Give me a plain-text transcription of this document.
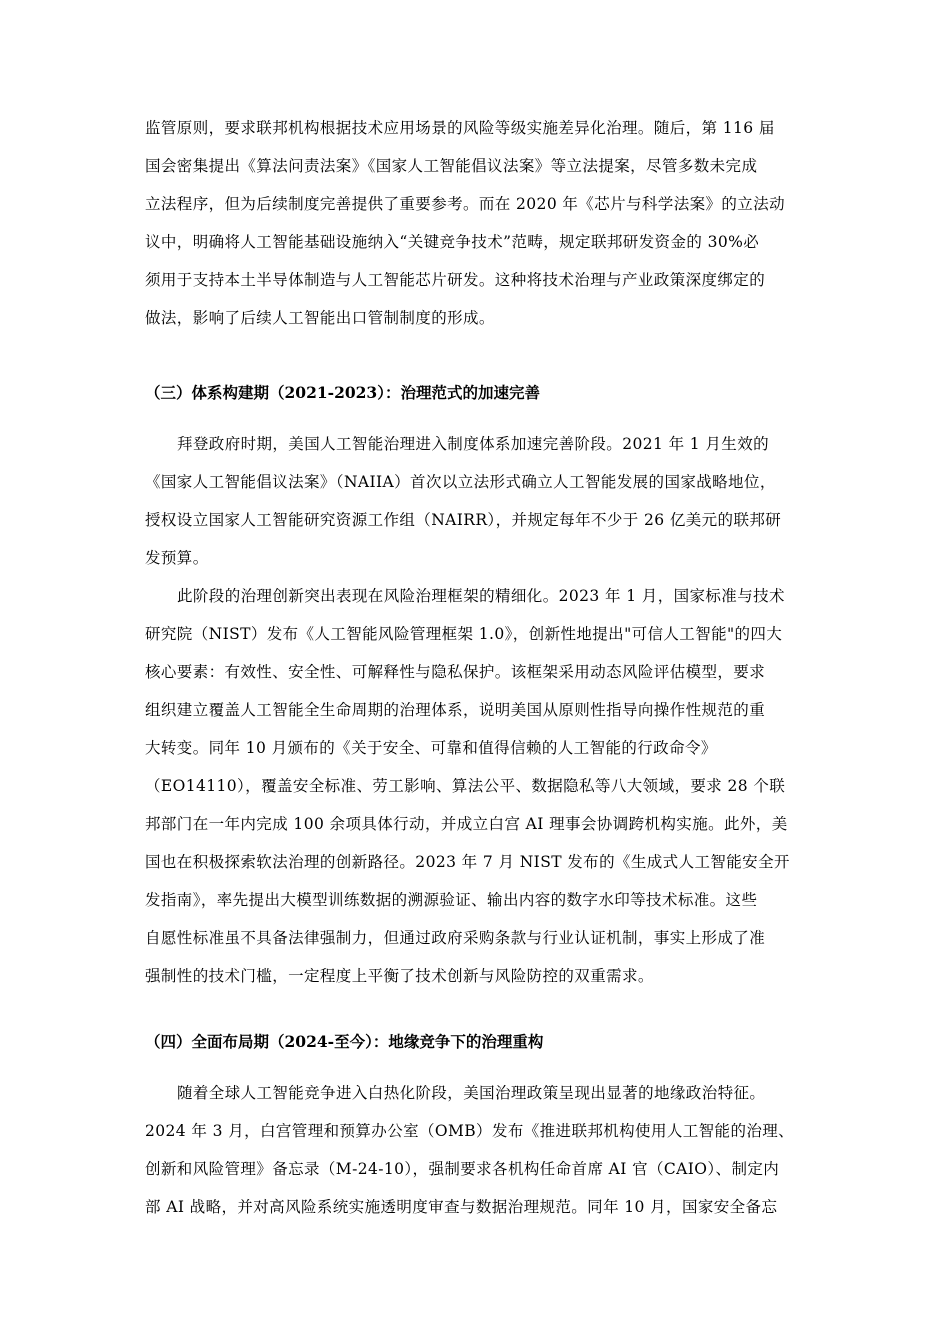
监管原则，要求联邦机构根据技术应用场景的风险等级实施差异化治理。随后，第 116 届
国会密集提出《算法问责法案》《国家人工智能倡议法案》等立法提案，尽管多数未完成
立法程序，但为后续制度完善提供了重要参考。而在 2020 年《芯片与科学法案》的立法动
议中，明确将人工智能基础设施纳入“关键竞争技术”范畴，规定联邦研发资金的 30%必
须用于支持本土半导体制造与人工智能芯片研发。这种将技术治理与产业政策深度绑定的
做法，影响了后续人工智能出口管制制度的形成。
（三）体系构建期（2021-2023）：治理范式的加速完善
拜登政府时期，美国人工智能治理进入制度体系加速完善阶段。2021 年 1 月生效的
《国家人工智能倡议法案》（NAIIA）首次以立法形式确立人工智能发展的国家战略地位，
授权设立国家人工智能研究资源工作组（NAIRR），并规定每年不少于 26 亿美元的联邦研
发预算。
此阶段的治理创新突出表现在风险治理框架的精细化。2023 年 1 月，国家标准与技术
研究院（NIST）发布《人工智能风险管理框架 1.0》，创新性地提出"可信人工智能"的四大
核心要素：有效性、安全性、可解释性与隐私保护。该框架采用动态风险评估模型，要求
组织建立覆盖人工智能全生命周期的治理体系，说明美国从原则性指导向操作性规范的重
大转变。同年 10 月颁布的《关于安全、可靠和值得信赖的人工智能的行政命令》
（EO14110），覆盖安全标准、劳工影响、算法公平、数据隐私等八大领域，要求 28 个联
邦部门在一年内完成 100 余项具体行动，并成立白宫 AI 理事会协调跨机构实施。此外，美
国也在积极探索软法治理的创新路径。2023 年 7 月 NIST 发布的《生成式人工智能安全开
发指南》，率先提出大模型训练数据的溯源验证、输出内容的数字水印等技术标准。这些
自愿性标准虽不具备法律强制力，但通过政府采购条款与行业认证机制，事实上形成了准
强制性的技术门槛，一定程度上平衡了技术创新与风险防控的双重需求。
（四）全面布局期（2024-至今）：地缘竞争下的治理重构
随着全球人工智能竞争进入白热化阶段，美国治理政策呈现出显著的地缘政治特征。
2024 年 3 月，白宫管理和预算办公室（OMB）发布《推进联邦机构使用人工智能的治理、
创新和风险管理》备忘录（M-24-10），强制要求各机构任命首席 AI 官（CAIO）、制定内
部 AI 战略，并对高风险系统实施透明度审查与数据治理规范。同年 10 月，国家安全备忘
